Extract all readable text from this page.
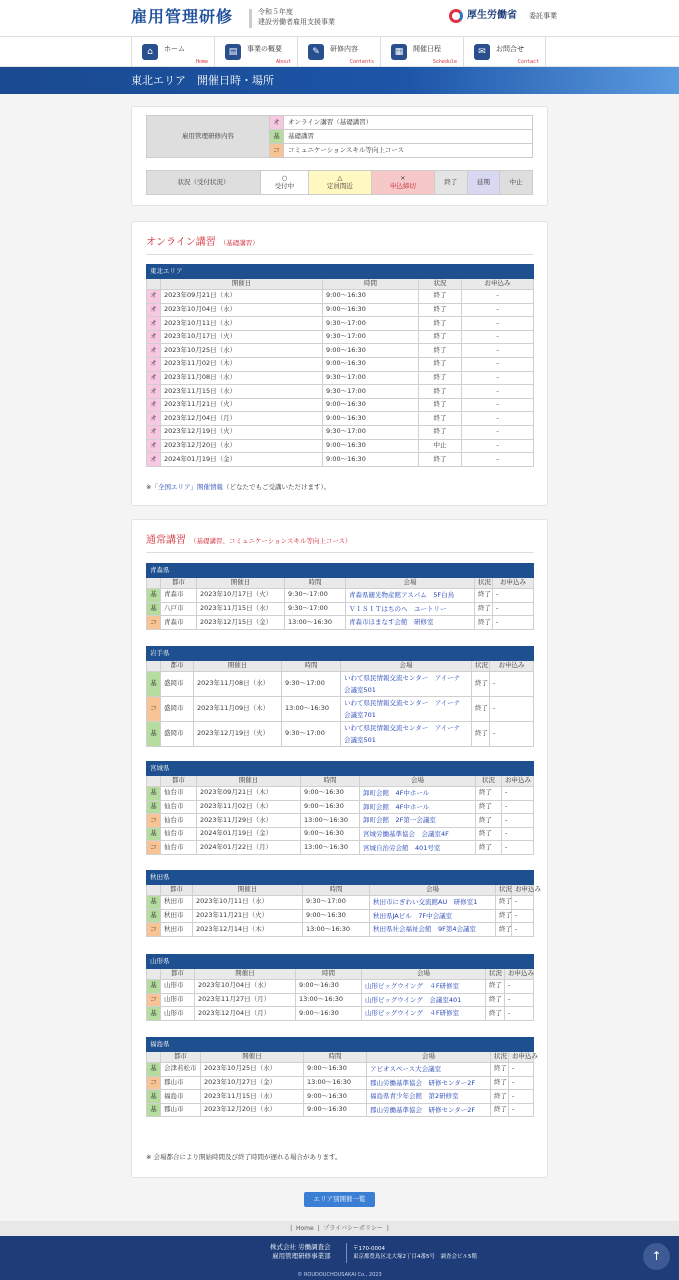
雇用管理研修	令和５年度
建設労働者雇用支援事業
厚生労働省 委託事業
⌂	ホーム
Home
▤	事業の概要
About
✎	研修内容
Contents
▦	開催日程
Schedule
✉	お問合せ
Contact
東北エリア　開催日時・場所
雇用管理研修内容	オ	オンライン講習（基礎講習）
	基	基礎講習
	コ	コミュニケーションスキル等向上コース
状況（受付状況）	○
受付中

△
定員間近

×
申込締切	終了	延期	中止
オンライン講習 （基礎講習）
東北エリア				
	開催日	時間	状況	お申込み
オ	2023年09月21日（木）	9:00～16:30	終了	-
オ	2023年10月04日（水）	9:00～16:30	終了	-
オ	2023年10月11日（水）	9:30～17:00	終了	-
オ	2023年10月17日（火）	9:30～17:00	終了	-
オ	2023年10月25日（水）	9:00～16:30	終了	-
オ	2023年11月02日（木）	9:00～16:30	終了	-
オ	2023年11月08日（水）	9:30～17:00	終了	-
オ	2023年11月15日（水）	9:30～17:00	終了	-
オ	2023年11月21日（火）	9:00～16:30	終了	-
オ	2023年12月04日（月）	9:00～16:30	終了	-
オ	2023年12月19日（火）	9:30～17:00	終了	-
オ	2023年12月20日（水）	9:00～16:30	中止	-
オ	2024年01月19日（金）	9:00～16:30	終了	-
※「全国エリア」開催情報（どなたでもご受講いただけます）。
通常講習 （基礎講習、コミュニケーションスキル等向上コース）
青森県						
	都市	開催日	時間	会場	状況	お申込み
基	青森市	2023年10月17日（火）	9:30～17:00	青森県観光物産館アスパム　5F白鳥	終了	-
基	八戸市	2023年11月15日（水）	9:30～17:00	ＶＩＳＩＴはちのへ　ユートリー	終了	-
コ	青森市	2023年12月15日（金）	13:00～16:30	青森市ほまなす会館　研修室	終了	-
岩手県						
	都市	開催日	時間	会場	状況	お申込み
基	盛岡市	2023年11月08日（水）	9:30～17:00	いわて県民情報交流センター　アイーナ　会議室501	終了	-
コ	盛岡市	2023年11月09日（木）	13:00～16:30	いわて県民情報交流センター　アイーナ　会議室701	終了	-
基	盛岡市	2023年12月19日（火）	9:30～17:00	いわて県民情報交流センター　アイーナ　会議室501	終了	-
宮城県						
	都市	開催日	時間	会場	状況	お申込み
基	仙台市	2023年09月21日（木）	9:00～16:30	卸町会館　4F中ホール	終了	-
基	仙台市	2023年11月02日（木）	9:00～16:30	卸町会館　4F中ホール	終了	-
コ	仙台市	2023年11月29日（水）	13:00～16:30	卸町会館　2F第一会議室	終了	-
基	仙台市	2024年01月19日（金）	9:00～16:30	宮城労働基準協会　会議室4F	終了	-
コ	仙台市	2024年01月22日（月）	13:00～16:30	宮城自治労会館　401号室	終了	-
秋田県						
	都市	開催日	時間	会場	状況	お申込み
基	秋田市	2023年10月11日（水）	9:30～17:00	秋田市にぎわい交流館AU　研修室1	終了	-
基	秋田市	2023年11月21日（火）	9:00～16:30	秋田県JAビル　7F中会議室	終了	-
コ	秋田市	2023年12月14日（木）	13:00～16:30	秋田県社会福祉会館　9F第4会議室	終了	-
山形県						
	都市	開催日	時間	会場	状況	お申込み
基	山形市	2023年10月04日（水）	9:00～16:30	山形ビッグウイング　４F研修室	終了	-
コ	山形市	2023年11月27日（月）	13:00～16:30	山形ビッグウイング　会議室401	終了	-
基	山形市	2023年12月04日（月）	9:00～16:30	山形ビッグウイング　４F研修室	終了	-
福島県						
	都市	開催日	時間	会場	状況	お申込み
基	会津若松市	2023年10月25日（水）	9:00～16:30	アピオスペース大会議室	終了	-
コ	郡山市	2023年10月27日（金）	13:00～16:30	郡山労働基準協会　研修センター2F	終了	-
基	福島市	2023年11月15日（水）	9:00～16:30	福島県青少年会館　第2研修室	終了	-
基	郡山市	2023年12月20日（水）	9:00～16:30	郡山労働基準協会　研修センター2F	終了	-
※ 会場都合により開始時間及び終了時間が遅れる場合があります。
エリア別開催一覧
|  Home  |  プライバシーポリシー  |
株式会社 労働調査会
雇用管理研修事業部
〒170-0004
東京都豊島区北大塚2丁目4番5号　調査会ビル5階
© ROUDOUCHOUSAKAI Co., 2023
↑
